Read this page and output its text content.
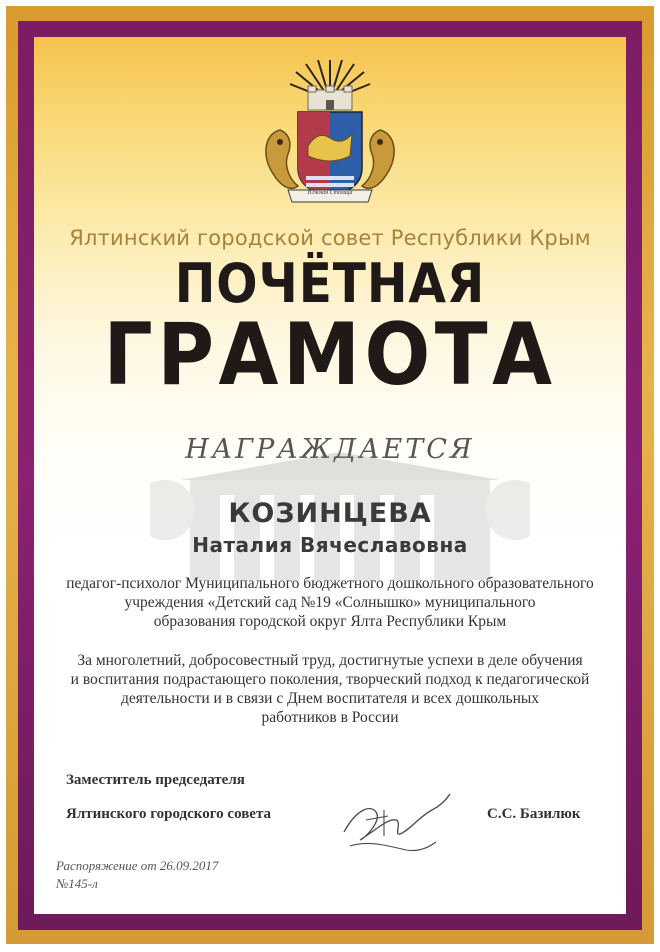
Южная Столица
Ялтинский городской совет Республики Крым
ПОЧЁТНАЯ
ГРАМОТА
НАГРАЖДАЕТСЯ
КОЗИНЦЕВА
Наталия Вячеславовна
педагог-психолог Муниципального бюджетного дошкольного образовательного
учреждения «Детский сад №19 «Солнышко» муниципального
образования городской округ Ялта Республики Крым
За многолетний, добросовестный труд, достигнутые успехи в деле обучения
и воспитания подрастающего поколения, творческий подход к педагогической
деятельности и в связи с Днем воспитателя и всех дошкольных
работников в России
Заместитель председателя
Ялтинского городского совета	С.С. Базилюк
Распоряжение от 26.09.2017
№145-л
